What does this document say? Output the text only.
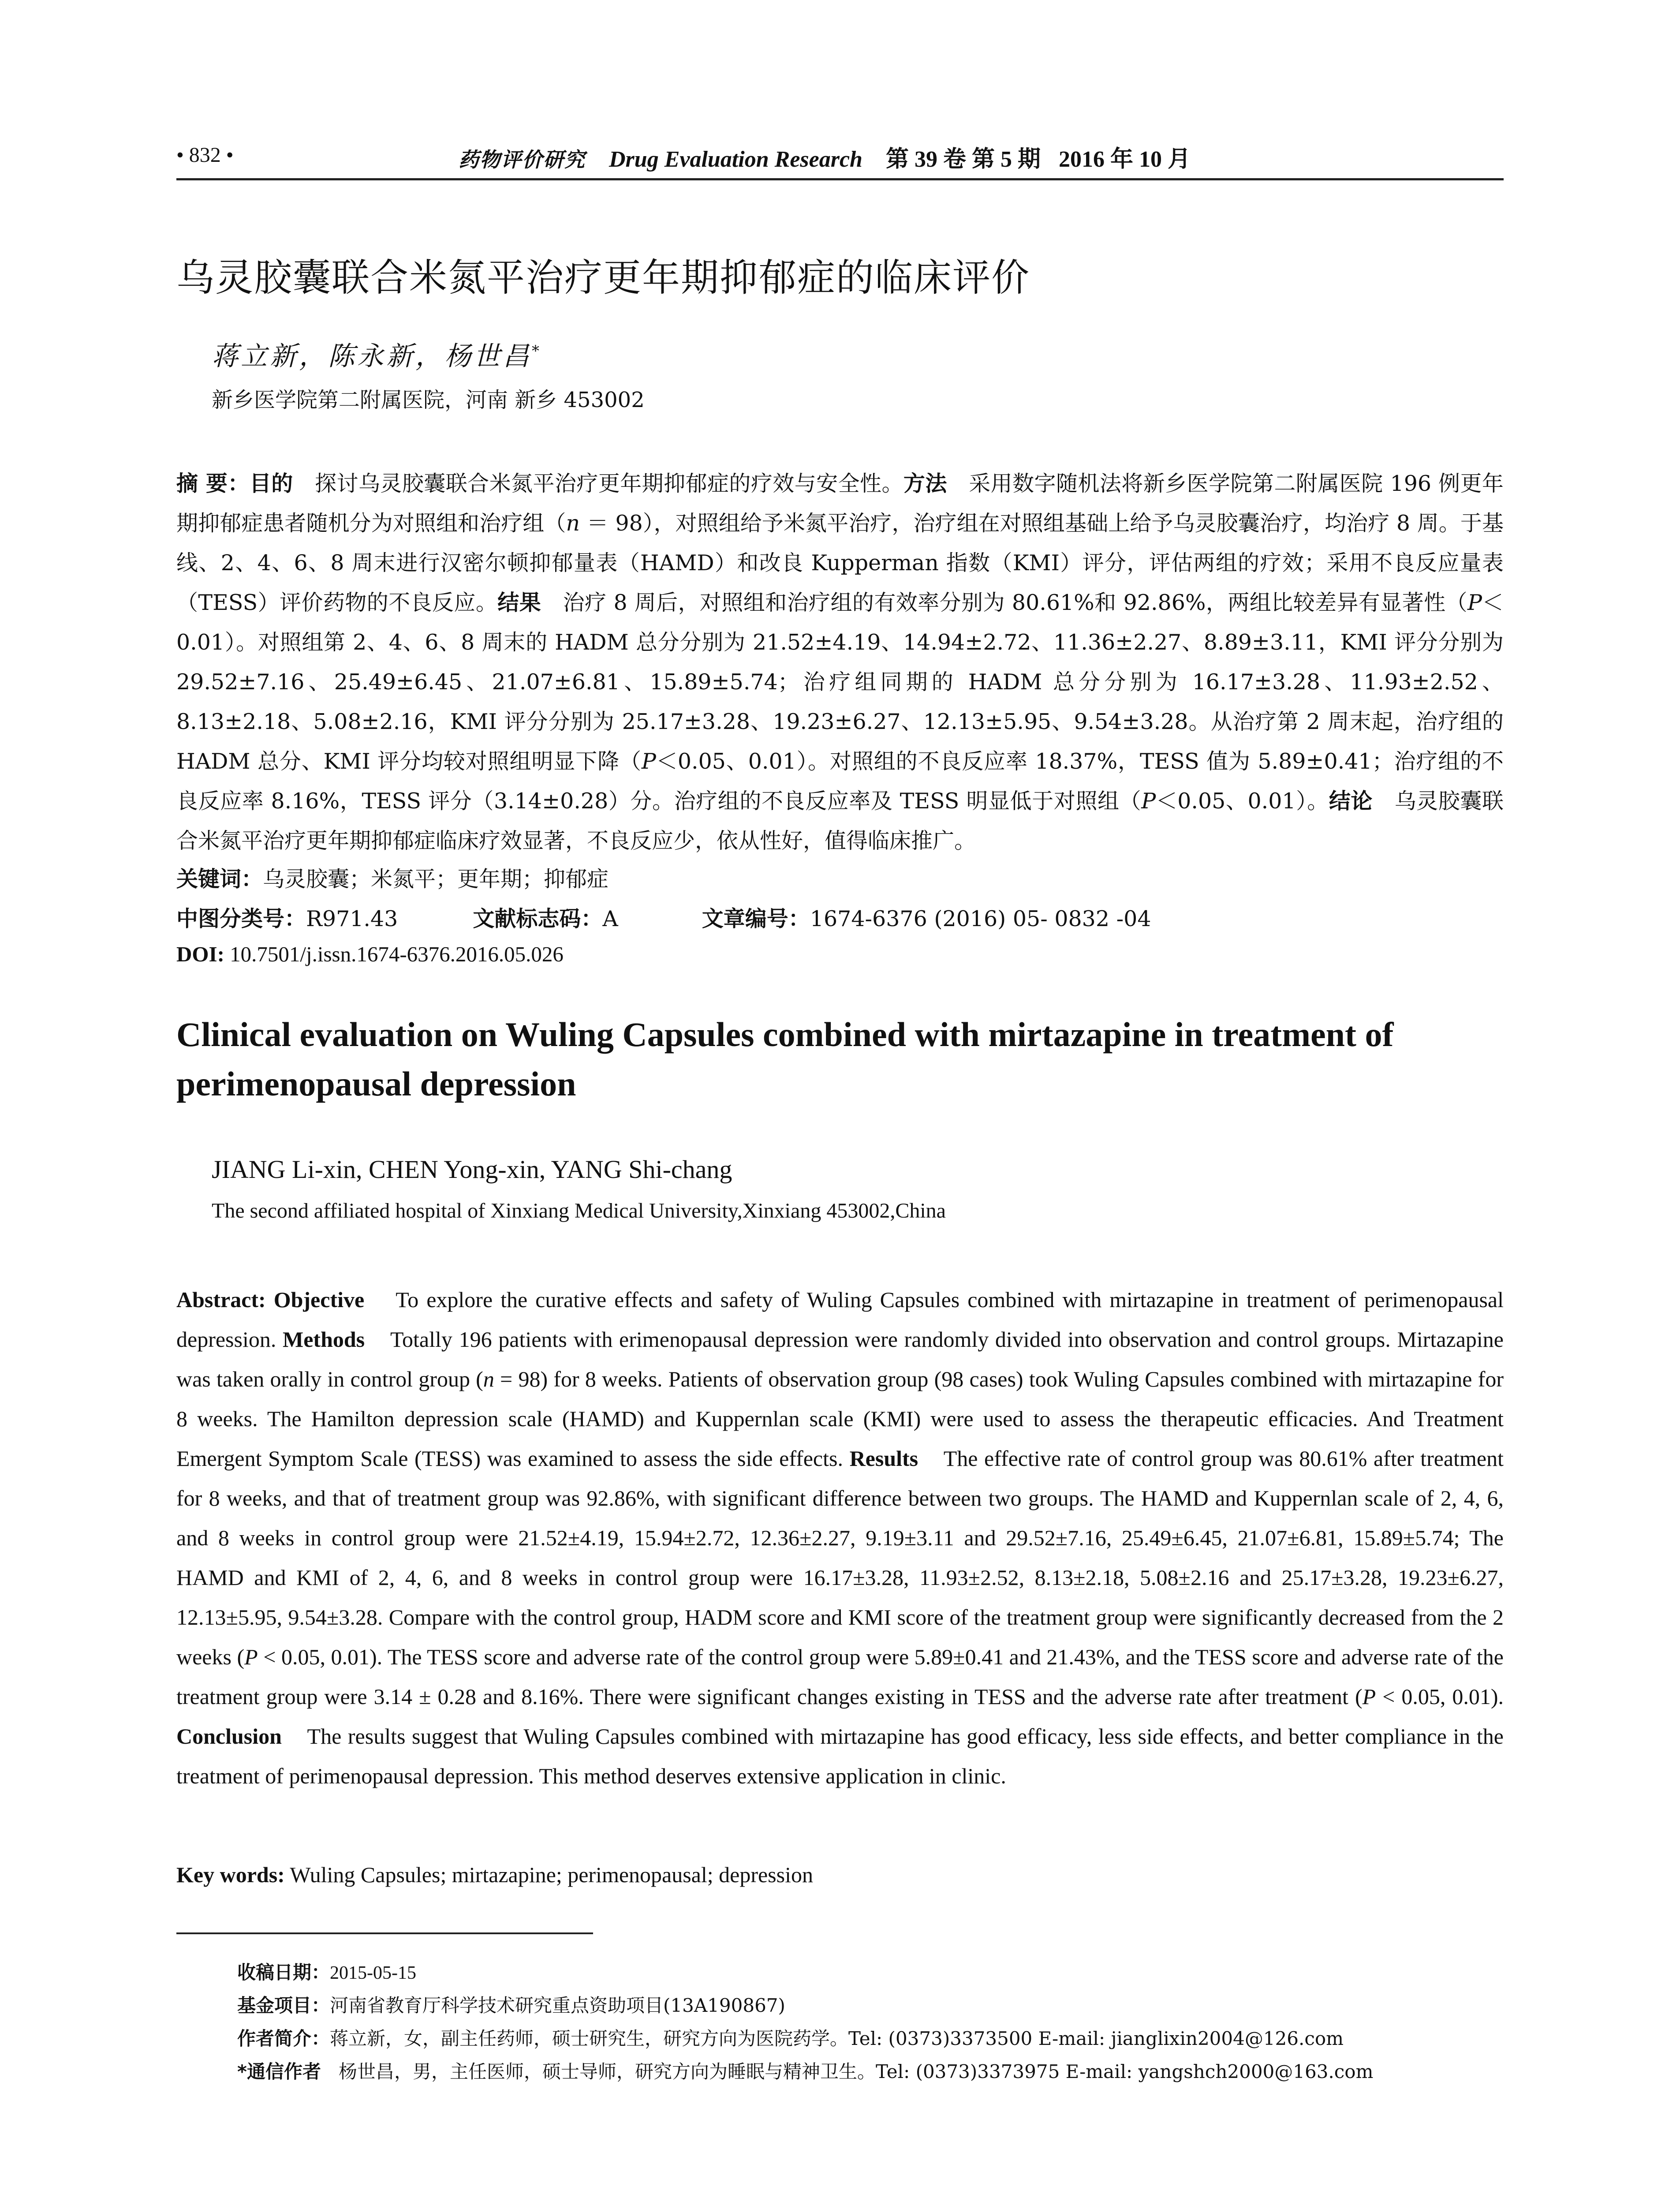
• 832 •	药物评价研究 Drug Evaluation Research 第 39 卷 第 5 期 2016 年 10 月
乌灵胶囊联合米氮平治疗更年期抑郁症的临床评价
蒋立新，陈永新，杨世昌*
新乡医学院第二附属医院，河南 新乡 453002
摘 要：目的　 探讨乌灵胶囊联合米氮平治疗更年期抑郁症的疗效与安全性。方法　 采用数字随机法将新乡医学院第二附属医院 196 例更年期抑郁症患者随机分为对照组和治疗组（n ＝ 98），对照组给予米氮平治疗，治疗组在对照组基础上给予乌灵胶囊治疗，均治疗 8 周。于基线、2、4、6、8 周末进行汉密尔顿抑郁量表（HAMD）和改良 Kupperman 指数（KMI）评分，评估两组的疗效；采用不良反应量表（TESS）评价药物的不良反应。结果　 治疗 8 周后，对照组和治疗组的有效率分别为 80.61%和 92.86%，两组比较差异有显著性（P＜0.01）。对照组第 2、4、6、8 周末的 HADM 总分分别为 21.52±4.19、14.94±2.72、11.36±2.27、8.89±3.11，KMI 评分分别为 29.52±7.16、25.49±6.45、21.07±6.81、15.89±5.74；治疗组同期的 HADM 总分分别为 16.17±3.28、11.93±2.52、8.13±2.18、5.08±2.16，KMI 评分分别为 25.17±3.28、19.23±6.27、12.13±5.95、9.54±3.28。从治疗第 2 周末起，治疗组的 HADM 总分、KMI 评分均较对照组明显下降（P＜0.05、0.01）。对照组的不良反应率 18.37%，TESS 值为 5.89±0.41；治疗组的不良反应率 8.16%，TESS 评分（3.14±0.28）分。治疗组的不良反应率及 TESS 明显低于对照组（P＜0.05、0.01）。结论　 乌灵胶囊联合米氮平治疗更年期抑郁症临床疗效显著，不良反应少，依从性好，值得临床推广。
关键词：乌灵胶囊；米氮平；更年期；抑郁症
中图分类号：R971.43	文献标志码：A	文章编号：1674-6376 (2016) 05- 0832 -04
DOI: 10.7501/j.issn.1674-6376.2016.05.026
Clinical evaluation on Wuling Capsules combined with mirtazapine in treatment of perimenopausal depression
JIANG Li-xin, CHEN Yong-xin, YANG Shi-chang
The second affiliated hospital of Xinxiang Medical University,Xinxiang 453002,China
Abstract: Objective To explore the curative effects and safety of Wuling Capsules combined with mirtazapine in treatment of perimenopausal depression. Methods Totally 196 patients with erimenopausal depression were randomly divided into observation and control groups. Mirtazapine was taken orally in control group (n = 98) for 8 weeks. Patients of observation group (98 cases) took Wuling Capsules combined with mirtazapine for 8 weeks. The Hamilton depression scale (HAMD) and Kuppernlan scale (KMI) were used to assess the therapeutic efficacies. And Treatment Emergent Symptom Scale (TESS) was examined to assess the side effects. Results The effective rate of control group was 80.61% after treatment for 8 weeks, and that of treatment group was 92.86%, with significant difference between two groups. The HAMD and Kuppernlan scale of 2, 4, 6, and 8 weeks in control group were 21.52±4.19, 15.94±2.72, 12.36±2.27, 9.19±3.11 and 29.52±7.16, 25.49±6.45, 21.07±6.81, 15.89±5.74; The HAMD and KMI of 2, 4, 6, and 8 weeks in control group were 16.17±3.28, 11.93±2.52, 8.13±2.18, 5.08±2.16 and 25.17±3.28, 19.23±6.27, 12.13±5.95, 9.54±3.28. Compare with the control group, HADM score and KMI score of the treatment group were significantly decreased from the 2 weeks (P < 0.05, 0.01). The TESS score and adverse rate of the control group were 5.89±0.41 and 21.43%, and the TESS score and adverse rate of the treatment group were 3.14 ± 0.28 and 8.16%. There were significant changes existing in TESS and the adverse rate after treatment (P < 0.05, 0.01). Conclusion The results suggest that Wuling Capsules combined with mirtazapine has good efficacy, less side effects, and better compliance in the treatment of perimenopausal depression. This method deserves extensive application in clinic.
Key words: Wuling Capsules; mirtazapine; perimenopausal; depression
收稿日期：2015-05-15
基金项目：河南省教育厅科学技术研究重点资助项目(13A190867)
作者简介：蒋立新，女，副主任药师，硕士研究生，研究方向为医院药学。Tel: (0373)3373500 E-mail: jianglixin2004@126.com
*通信作者 杨世昌，男，主任医师，硕士导师，研究方向为睡眠与精神卫生。Tel: (0373)3373975 E-mail: yangshch2000@163.com
